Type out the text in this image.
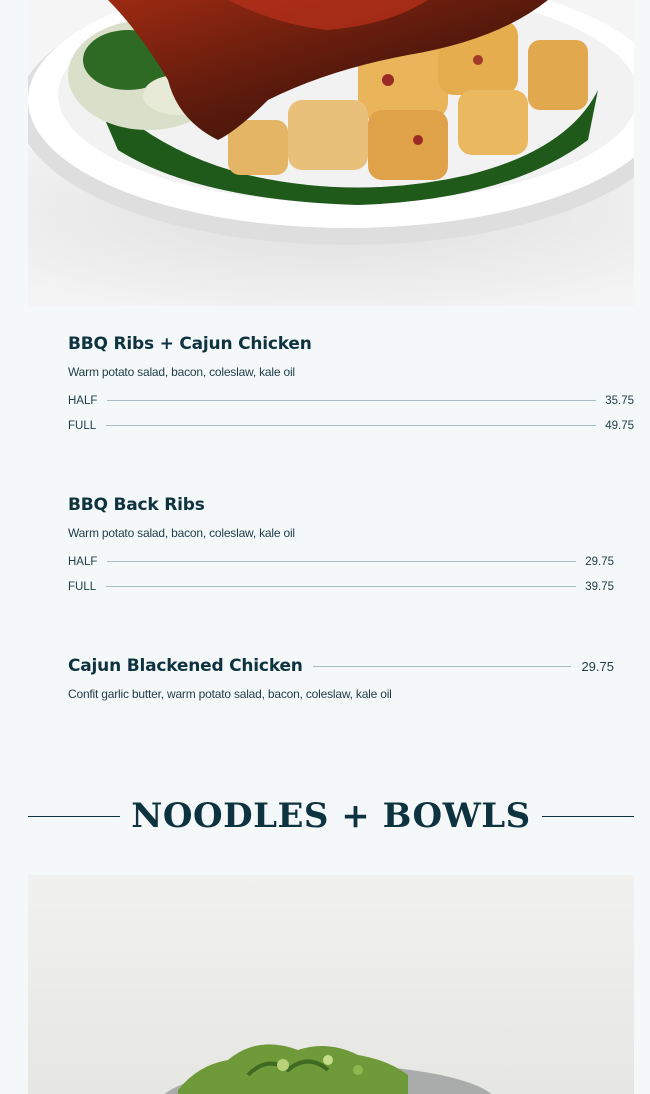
BBQ Ribs + Cajun Chicken

Warm potato salad, bacon, coleslaw, kale oil

HALF	35.75
FULL	49.75
BBQ Back Ribs

Warm potato salad, bacon, coleslaw, kale oil

HALF	29.75
FULL	39.75
Cajun Blackened Chicken	29.75

Confit garlic butter, warm potato salad, bacon, coleslaw, kale oil

NOODLES + BOWLS
